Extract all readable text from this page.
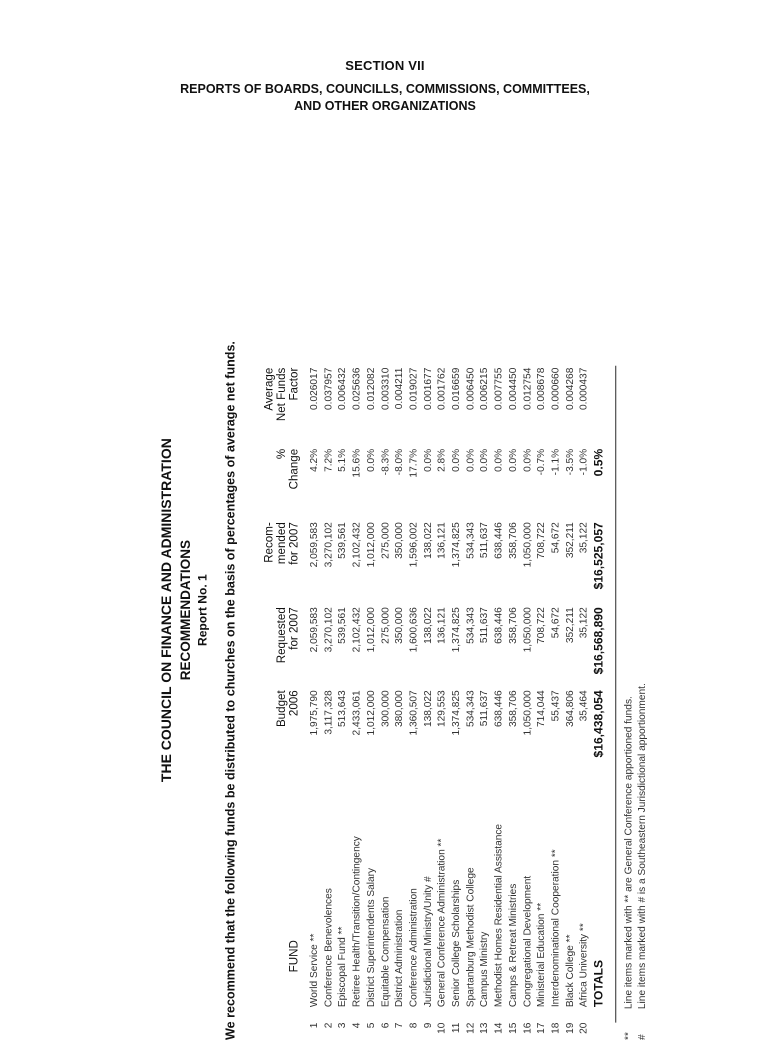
SECTION VII
REPORTS OF BOARDS, COUNCILLS, COMMISSIONS, COMMITTEES,
AND OTHER ORGANIZATIONS
THE COUNCIL ON FINANCE AND ADMINISTRATION RECOMMENDATIONS Report No. 1 We recommend that the following funds be distributed to churches on the basis of percentages of average net funds.	FUND
Budget 2006
Requested for 2007
Recom- mended for 2007
% Change
Average Net Funds Factor
1
World Service **
1,975,790
2,059,583
2,059,583
4.2%
0.026017
2
Conference Benevolences
3,117,328
3,270,102
3,270,102
7.2%
0.037957
3
Episcopal Fund **
513,643
539,561
539,561
5.1%
0.006432
4
Retiree Health/Transition/Contingency
2,433,061
2,102,432
2,102,432
15.6%
0.025636
5
District Superintendents Salary
1,012,000
1,012,000
1,012,000
0.0%
0.012082
6
Equitable Compensation
300,000
275,000
275,000
-8.3%
0.003310
7
District Administration
380,000
350,000
350,000
-8.0%
0.004211
8
Conference Administration
1,360,507
1,600,636
1,596,002
17.7%
0.019027
9
Jurisdictional Ministry/Unity #
138,022
138,022
138,022
0.0%
0.001677
10
General Conference Administration **
129,553
136,121
136,121
2.8%
0.001762
11
Senior College Scholarships
1,374,825
1,374,825
1,374,825
0.0%
0.016659
12
Spartanburg Methodist College
534,343
534,343
534,343
0.0%
0.006450
13
Campus Ministry
511,637
511,637
511,637
0.0%
0.006215
14
Methodist Homes Residential Assistance
638,446
638,446
638,446
0.0%
0.007755
15
Camps & Retreat Ministries
358,706
358,706
358,706
0.0%
0.004450
16
Congregational Development
1,050,000
1,050,000
1,050,000
0.0%
0.012754
17
Ministerial Education **
714,044
708,722
708,722
-0.7%
0.008678
18
Interdenominational Cooperation **
55,437
54,672
54,672
-1.1%
0.000660
19
Black College **
364,806
352,211
352,211
-3.5%
0.004268
20
Africa University **
35,464
35,122
35,122
-1.0%
0.000437
TOTALS
$16,438,054
$16,568,890
$16,525,057
0.5%
**
Line items marked with ** are General Conference apportioned funds.
#
Line items marked with # is a Southeastern Jurisdictional apportionment.
